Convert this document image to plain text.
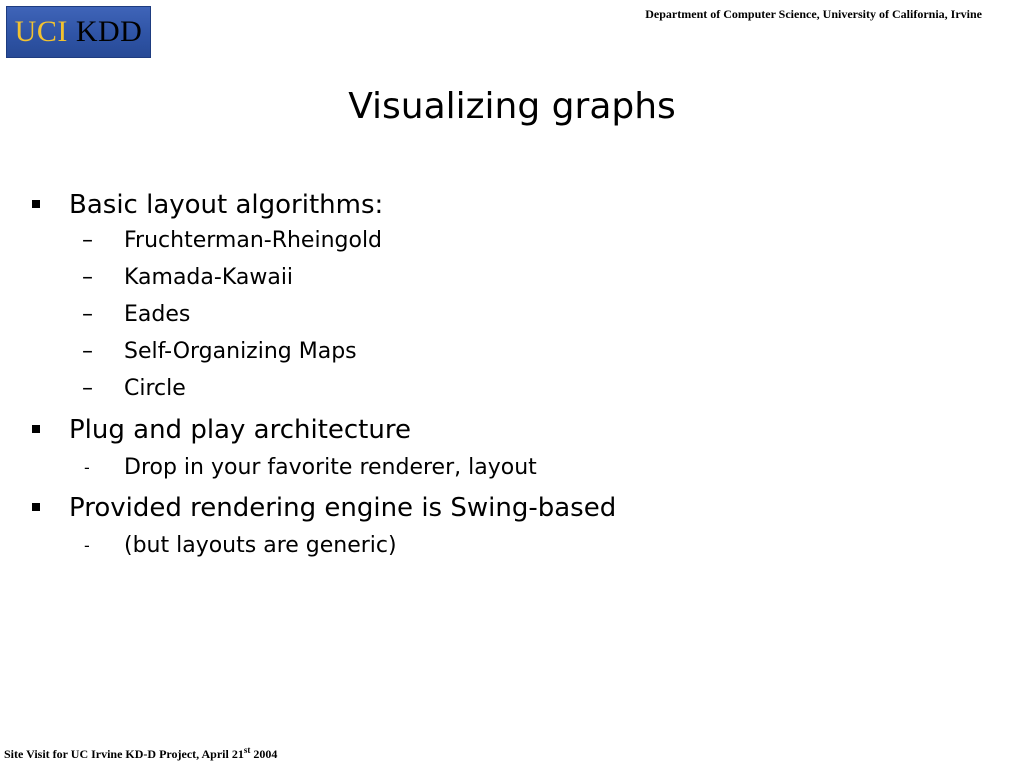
UCI KDD
Department of Computer Science, University of California, Irvine
Visualizing graphs
Basic layout algorithms:
–	Fruchterman-Rheingold
–	Kamada-Kawaii
–	Eades
–	Self-Organizing Maps
–	Circle
Plug and play architecture
-	Drop in your favorite renderer, layout
Provided rendering engine is Swing-based
-	(but layouts are generic)
Site Visit for UC Irvine KD-D Project, April 21st 2004
